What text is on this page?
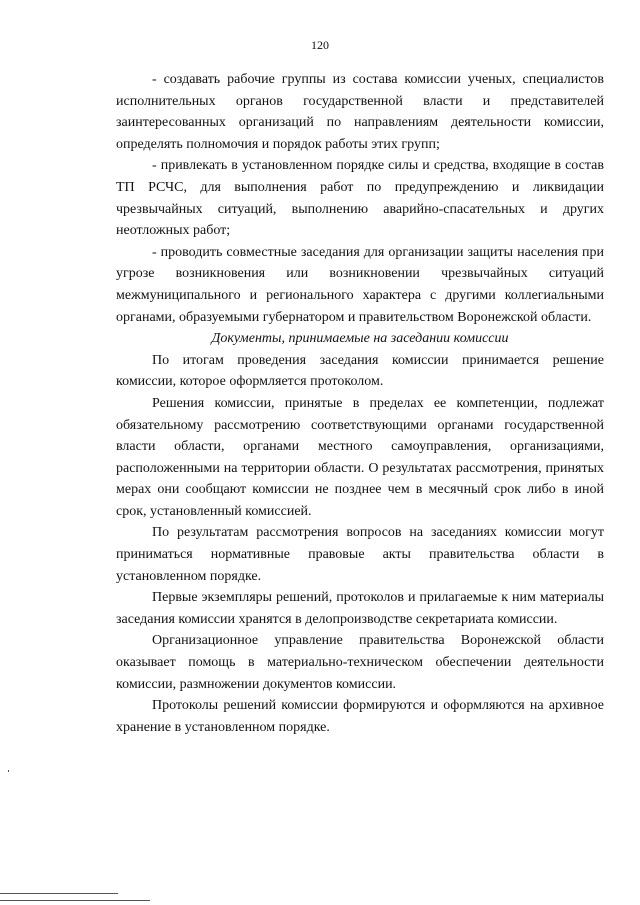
120

- создавать рабочие группы из состава комиссии ученых, специалистов исполнительных органов государственной власти и представителей заинтересованных организаций по направлениям деятельности комиссии, определять полномочия и порядок работы этих групп;

- привлекать в установленном порядке силы и средства, входящие в состав ТП РСЧС, для выполнения работ по предупреждению и ликвидации чрезвычайных ситуаций, выполнению аварийно-спасательных и других неотложных работ;

- проводить совместные заседания для организации защиты населения при угрозе возникновения или возникновении чрезвычайных ситуаций межмуниципального и регионального характера с другими коллегиальными органами, образуемыми губернатором и правительством Воронежской области.

Документы, принимаемые на заседании комиссии

По итогам проведения заседания комиссии принимается решение комиссии, которое оформляется протоколом.

Решения комиссии, принятые в пределах ее компетенции, подлежат обязательному рассмотрению соответствующими органами государственной власти области, органами местного самоуправления, организациями, расположенными на территории области. О результатах рассмотрения, принятых мерах они сообщают комиссии не позднее чем в месячный срок либо в иной срок, установленный комиссией.

По результатам рассмотрения вопросов на заседаниях комиссии могут приниматься нормативные правовые акты правительства области в установленном порядке.

Первые экземпляры решений, протоколов и прилагаемые к ним материалы заседания комиссии хранятся в делопроизводстве секретариата комиссии.

Организационное управление правительства Воронежской области оказывает помощь в материально-техническом обеспечении деятельности комиссии, размножении документов комиссии.

Протоколы решений комиссии формируются и оформляются на архивное хранение в установленном порядке.
